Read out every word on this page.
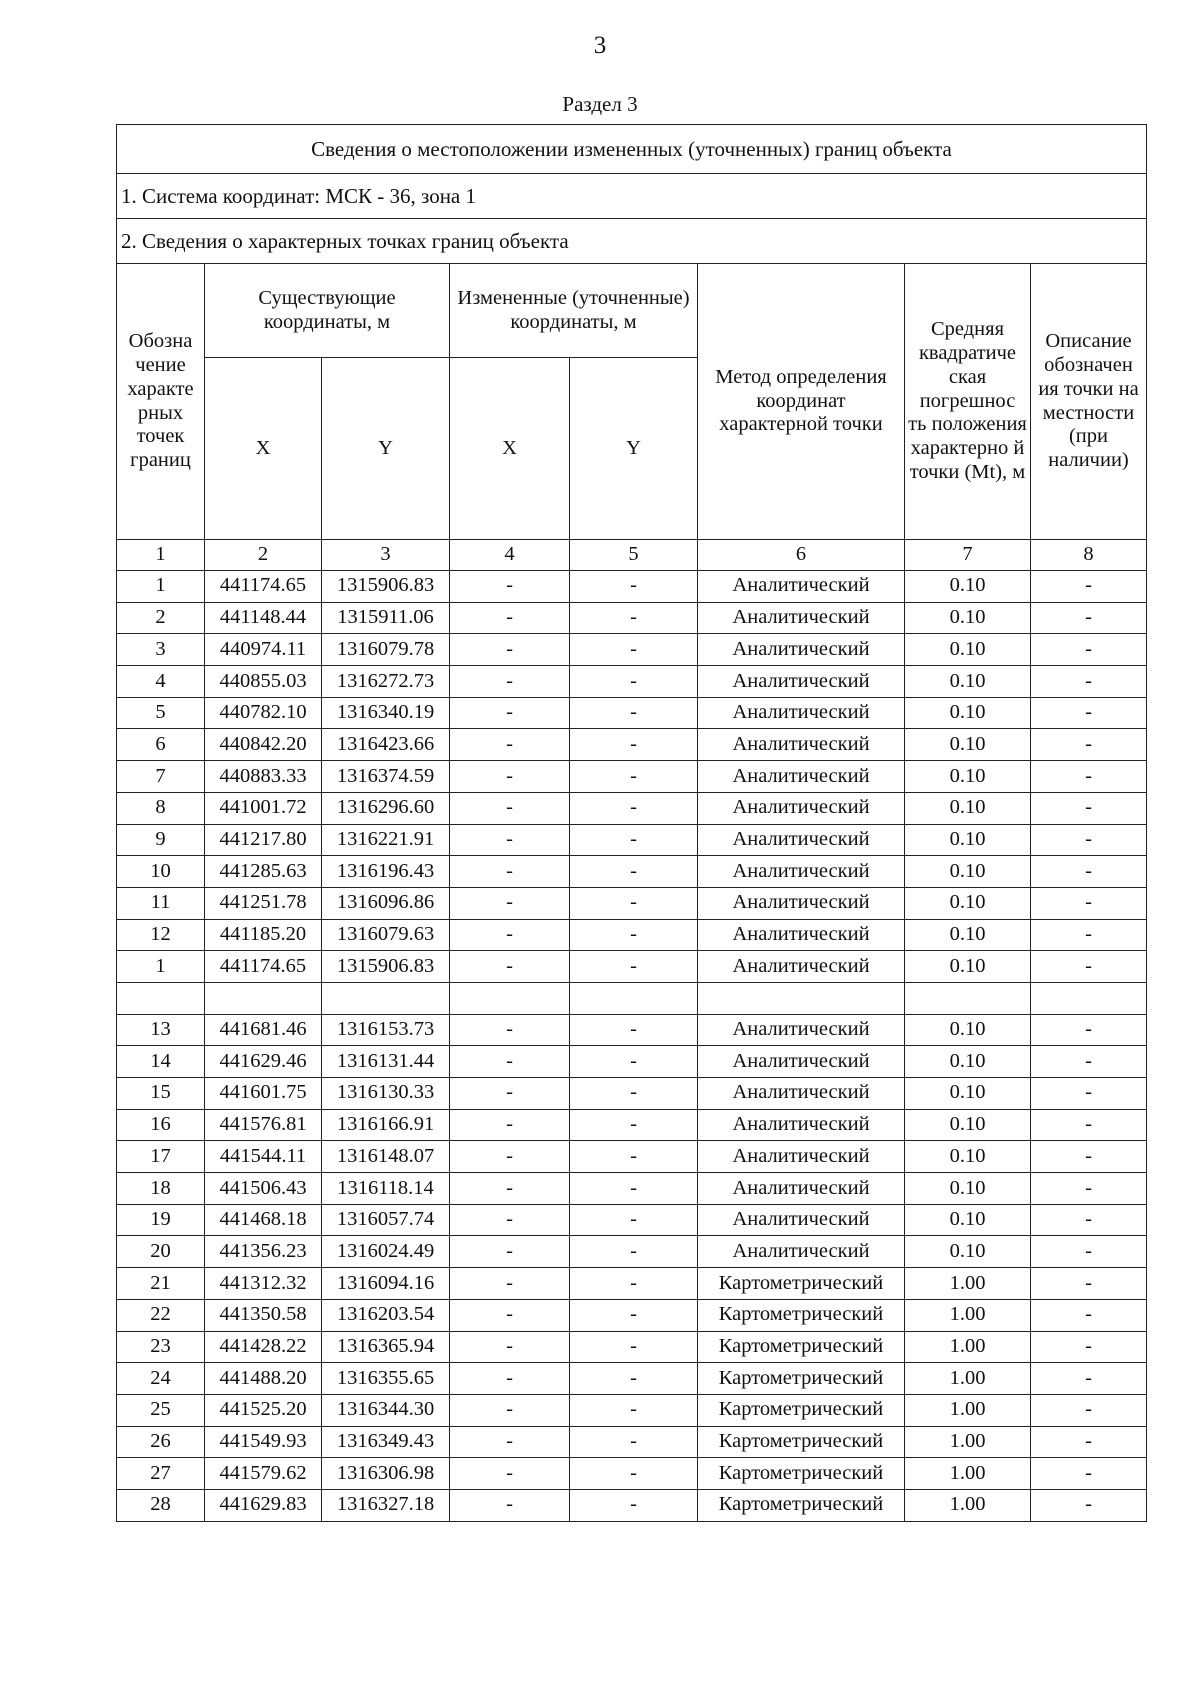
3
Раздел 3
Сведения о местоположении измененных (уточненных) границ объекта							
1. Система координат: МСК - 36, зона 1							
2. Сведения о характерных точках границ объекта							
Обозна чение характе рных точек границ	Существующие координаты, м		Измененные (уточненные) координаты, м		Метод определения координат характерной точки	Средняя квадратиче ская погрешнос ть положения характерно й точки (Mt), м	Описание обозначен ия точки на местности (при наличии)
	X	Y	X	Y			
1	2	3	4	5	6	7	8
1	441174.65	1315906.83	-	-	Аналитический	0.10	-
2	441148.44	1315911.06	-	-	Аналитический	0.10	-
3	440974.11	1316079.78	-	-	Аналитический	0.10	-
4	440855.03	1316272.73	-	-	Аналитический	0.10	-
5	440782.10	1316340.19	-	-	Аналитический	0.10	-
6	440842.20	1316423.66	-	-	Аналитический	0.10	-
7	440883.33	1316374.59	-	-	Аналитический	0.10	-
8	441001.72	1316296.60	-	-	Аналитический	0.10	-
9	441217.80	1316221.91	-	-	Аналитический	0.10	-
10	441285.63	1316196.43	-	-	Аналитический	0.10	-
11	441251.78	1316096.86	-	-	Аналитический	0.10	-
12	441185.20	1316079.63	-	-	Аналитический	0.10	-
1	441174.65	1315906.83	-	-	Аналитический	0.10	-

13	441681.46	1316153.73	-	-	Аналитический	0.10	-
14	441629.46	1316131.44	-	-	Аналитический	0.10	-
15	441601.75	1316130.33	-	-	Аналитический	0.10	-
16	441576.81	1316166.91	-	-	Аналитический	0.10	-
17	441544.11	1316148.07	-	-	Аналитический	0.10	-
18	441506.43	1316118.14	-	-	Аналитический	0.10	-
19	441468.18	1316057.74	-	-	Аналитический	0.10	-
20	441356.23	1316024.49	-	-	Аналитический	0.10	-
21	441312.32	1316094.16	-	-	Картометрический	1.00	-
22	441350.58	1316203.54	-	-	Картометрический	1.00	-
23	441428.22	1316365.94	-	-	Картометрический	1.00	-
24	441488.20	1316355.65	-	-	Картометрический	1.00	-
25	441525.20	1316344.30	-	-	Картометрический	1.00	-
26	441549.93	1316349.43	-	-	Картометрический	1.00	-
27	441579.62	1316306.98	-	-	Картометрический	1.00	-
28	441629.83	1316327.18	-	-	Картометрический	1.00	-
